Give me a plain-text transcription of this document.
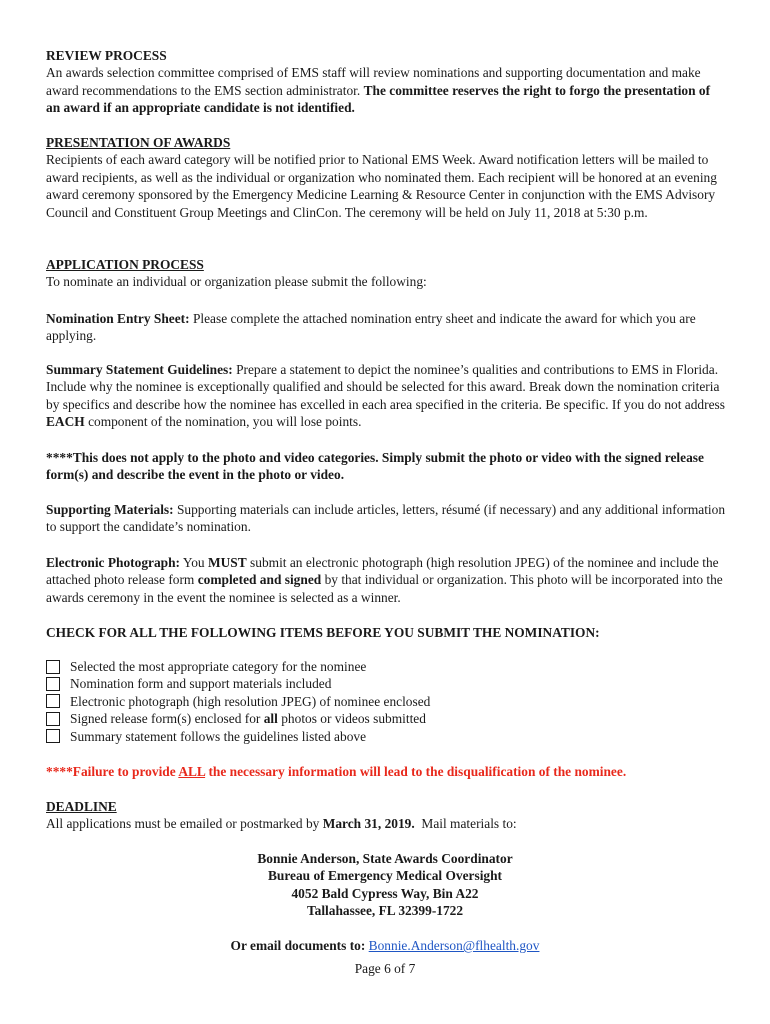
REVIEW PROCESS

An awards selection committee comprised of EMS staff will review nominations and supporting documentation and make award recommendations to the EMS section administrator. The committee reserves the right to forgo the presentation of an award if an appropriate candidate is not identified.

PRESENTATION OF AWARDS

Recipients of each award category will be notified prior to National EMS Week. Award notification letters will be mailed to award recipients, as well as the individual or organization who nominated them. Each recipient will be honored at an evening award ceremony sponsored by the Emergency Medicine Learning & Resource Center in conjunction with the EMS Advisory Council and Constituent Group Meetings and ClinCon. The ceremony will be held on July 11, 2018 at 5:30 p.m.

APPLICATION PROCESS

To nominate an individual or organization please submit the following:

Nomination Entry Sheet: Please complete the attached nomination entry sheet and indicate the award for which you are applying.

Summary Statement Guidelines: Prepare a statement to depict the nominee’s qualities and contributions to EMS in Florida. Include why the nominee is exceptionally qualified and should be selected for this award. Break down the nomination criteria by specifics and describe how the nominee has excelled in each area specified in the criteria. Be specific. If you do not address EACH component of the nomination, you will lose points.

****This does not apply to the photo and video categories. Simply submit the photo or video with the signed release form(s) and describe the event in the photo or video.

Supporting Materials: Supporting materials can include articles, letters, résumé (if necessary) and any additional information to support the candidate’s nomination.

Electronic Photograph: You MUST submit an electronic photograph (high resolution JPEG) of the nominee and include the attached photo release form completed and signed by that individual or organization. This photo will be incorporated into the awards ceremony in the event the nominee is selected as a winner.

CHECK FOR ALL THE FOLLOWING ITEMS BEFORE YOU SUBMIT THE NOMINATION:
Selected the most appropriate category for the nominee
Nomination form and support materials included
Electronic photograph (high resolution JPEG) of nominee enclosed
Signed release form(s) enclosed for
all
photos or videos submitted
Summary statement follows the guidelines listed above

****Failure to provide ALL the necessary information will lead to the disqualification of the nominee.

DEADLINE

All applications must be emailed or postmarked by March 31, 2019. Mail materials to:

Bonnie Anderson, State Awards Coordinator
Bureau of Emergency Medical Oversight
4052 Bald Cypress Way, Bin A22
Tallahassee, FL 32399-1722

Or email documents to: Bonnie.Anderson@flhealth.gov

Page 6 of 7
